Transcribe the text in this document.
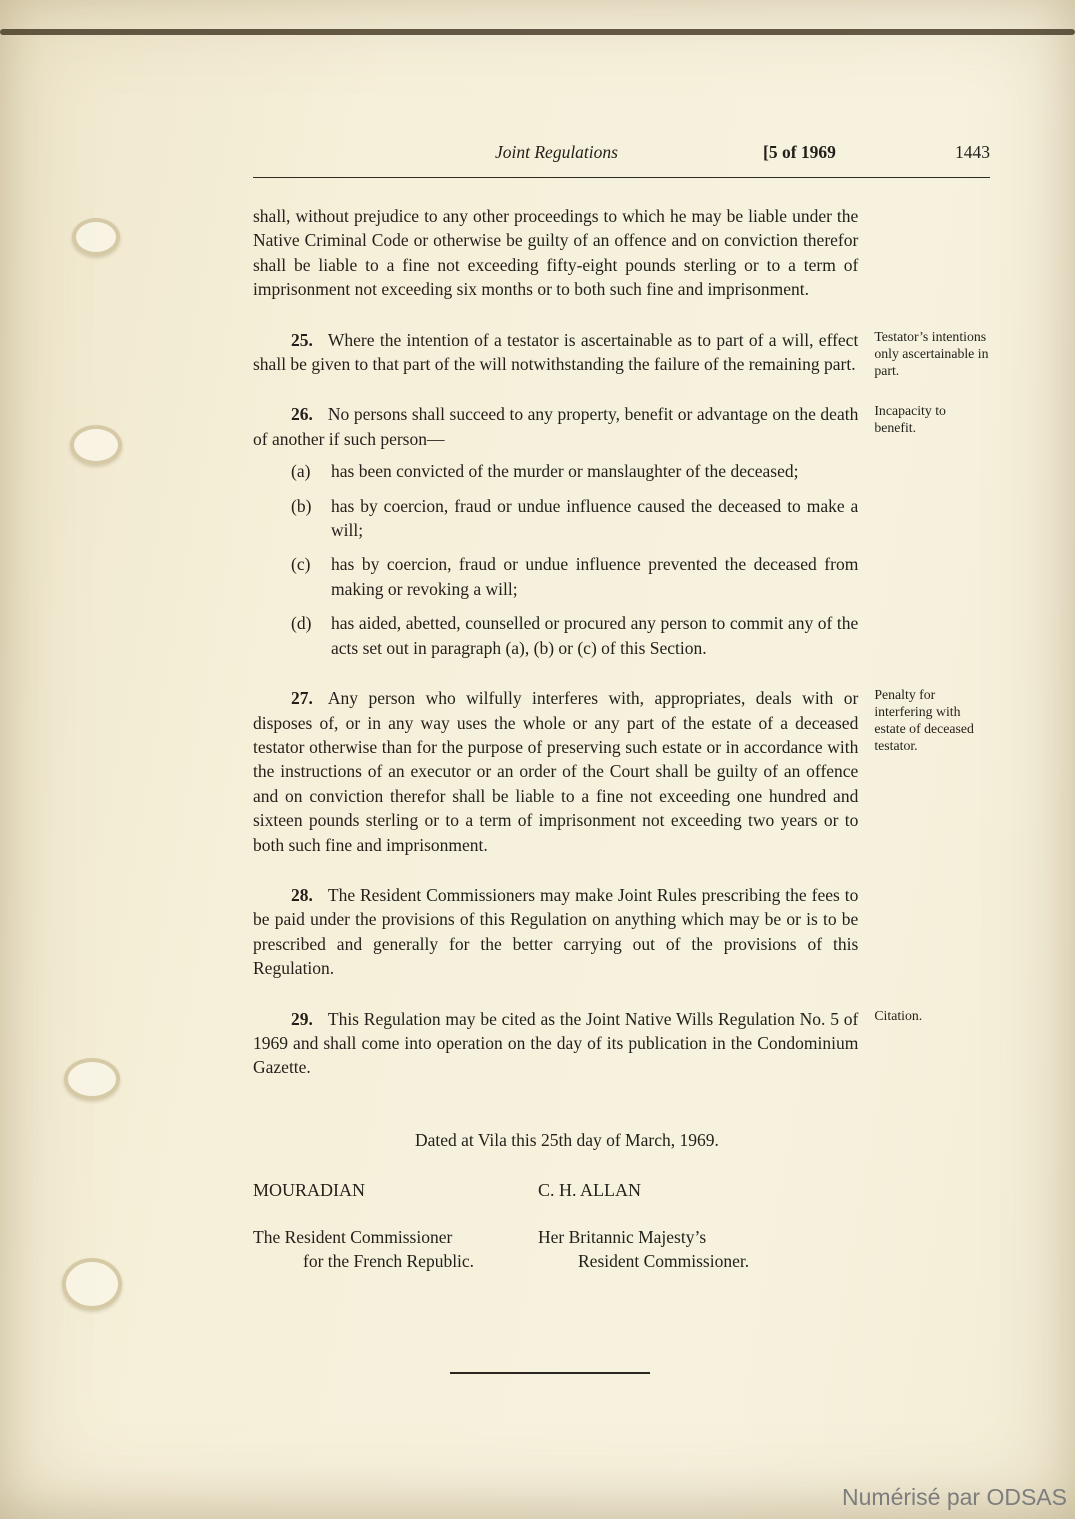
Joint Regulations	[5 of 1969	1443

shall, without prejudice to any other proceedings to which he may be liable under the Native Criminal Code or otherwise be guilty of an offence and on conviction therefor shall be liable to a fine not exceeding fifty-eight pounds sterling or to a term of imprisonment not exceeding six months or to both such fine and imprisonment.

25. Where the intention of a testator is ascertainable as to part of a will, effect shall be given to that part of the will notwithstanding the failure of the remaining part.

Testator’s intentions only ascertainable in part.

26. No persons shall succeed to any property, benefit or advantage on the death of another if such person—

(a) has been convicted of the murder or manslaughter of the deceased;
(b) has by coercion, fraud or undue influence caused the deceased to make a will;
(c) has by coercion, fraud or undue influence prevented the deceased from making or revoking a will;
(d) has aided, abetted, counselled or procured any person to commit any of the acts set out in paragraph (a), (b) or (c) of this Section.
Incapacity to benefit.

27. Any person who wilfully interferes with, appropriates, deals with or disposes of, or in any way uses the whole or any part of the estate of a deceased testator otherwise than for the purpose of preserving such estate or in accordance with the instructions of an executor or an order of the Court shall be guilty of an offence and on conviction therefor shall be liable to a fine not exceeding one hundred and sixteen pounds sterling or to a term of imprisonment not exceeding two years or to both such fine and imprisonment.

Penalty for interfering with estate of deceased testator.

28. The Resident Commissioners may make Joint Rules prescribing the fees to be paid under the provisions of this Regulation on anything which may be or is to be prescribed and generally for the better carrying out of the provisions of this Regulation.

29. This Regulation may be cited as the Joint Native Wills Regulation No. 5 of 1969 and shall come into operation on the day of its publication in the Condominium Gazette.

Citation.

Dated at Vila this 25th day of March, 1969.

MOURADIAN	C. H. ALLAN
The Resident Commissioner
for the French Republic.
Her Britannic Majesty’s
Resident Commissioner.
Numérisé par ODSAS
